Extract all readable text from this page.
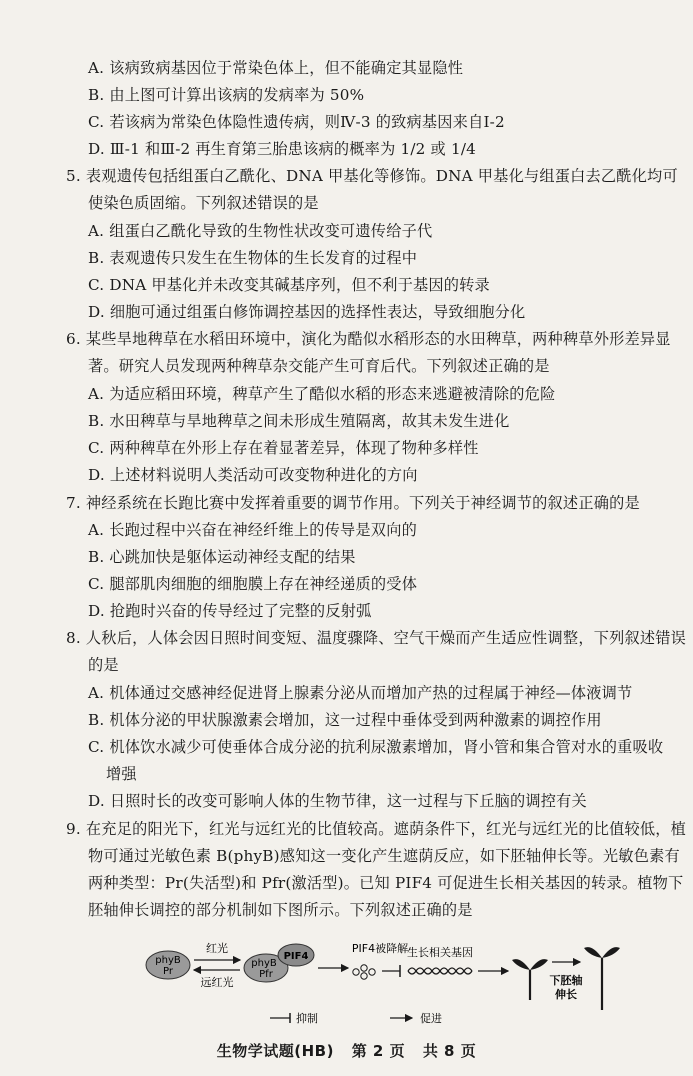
A. 该病致病基因位于常染色体上，但不能确定其显隐性
B. 由上图可计算出该病的发病率为 50%
C. 若该病为常染色体隐性遗传病，则Ⅳ-3 的致病基因来自Ⅰ-2
D. Ⅲ-1 和Ⅲ-2 再生育第三胎患该病的概率为 1/2 或 1/4
5. 表观遗传包括组蛋白乙酰化、DNA 甲基化等修饰。DNA 甲基化与组蛋白去乙酰化均可
使染色质固缩。下列叙述错误的是
A. 组蛋白乙酰化导致的生物性状改变可遗传给子代
B. 表观遗传只发生在生物体的生长发育的过程中
C. DNA 甲基化并未改变其碱基序列，但不利于基因的转录
D. 细胞可通过组蛋白修饰调控基因的选择性表达，导致细胞分化
6. 某些旱地稗草在水稻田环境中，演化为酷似水稻形态的水田稗草，两种稗草外形差异显
著。研究人员发现两种稗草杂交能产生可育后代。下列叙述正确的是
A. 为适应稻田环境，稗草产生了酷似水稻的形态来逃避被清除的危险
B. 水田稗草与旱地稗草之间未形成生殖隔离，故其未发生进化
C. 两种稗草在外形上存在着显著差异，体现了物种多样性
D. 上述材料说明人类活动可改变物种进化的方向
7. 神经系统在长跑比赛中发挥着重要的调节作用。下列关于神经调节的叙述正确的是
A. 长跑过程中兴奋在神经纤维上的传导是双向的
B. 心跳加快是躯体运动神经支配的结果
C. 腿部肌肉细胞的细胞膜上存在神经递质的受体
D. 抢跑时兴奋的传导经过了完整的反射弧
8. 人秋后，人体会因日照时间变短、温度骤降、空气干燥而产生适应性调整，下列叙述错误
的是
A. 机体通过交感神经促进肾上腺素分泌从而增加产热的过程属于神经—体液调节
B. 机体分泌的甲状腺激素会增加，这一过程中垂体受到两种激素的调控作用
C. 机体饮水减少可使垂体合成分泌的抗利尿激素增加，肾小管和集合管对水的重吸收
增强
D. 日照时长的改变可影响人体的生物节律，这一过程与下丘脑的调控有关
9. 在充足的阳光下，红光与远红光的比值较高。遮荫条件下，红光与远红光的比值较低，植
物可通过光敏色素 B(phyB)感知这一变化产生遮荫反应，如下胚轴伸长等。光敏色素有
两种类型：Pr(失活型)和 Pfr(激活型)。已知 PIF4 可促进生长相关基因的转录。植物下
胚轴伸长调控的部分机制如下图所示。下列叙述正确的是
phyB
Pr
红光
远红光
phyB
Pfr
PIF4
PIF4被降解
生长相关基因
下胚轴
伸长
抑制	促进
生物学试题(HB) 第 2 页 共 8 页
